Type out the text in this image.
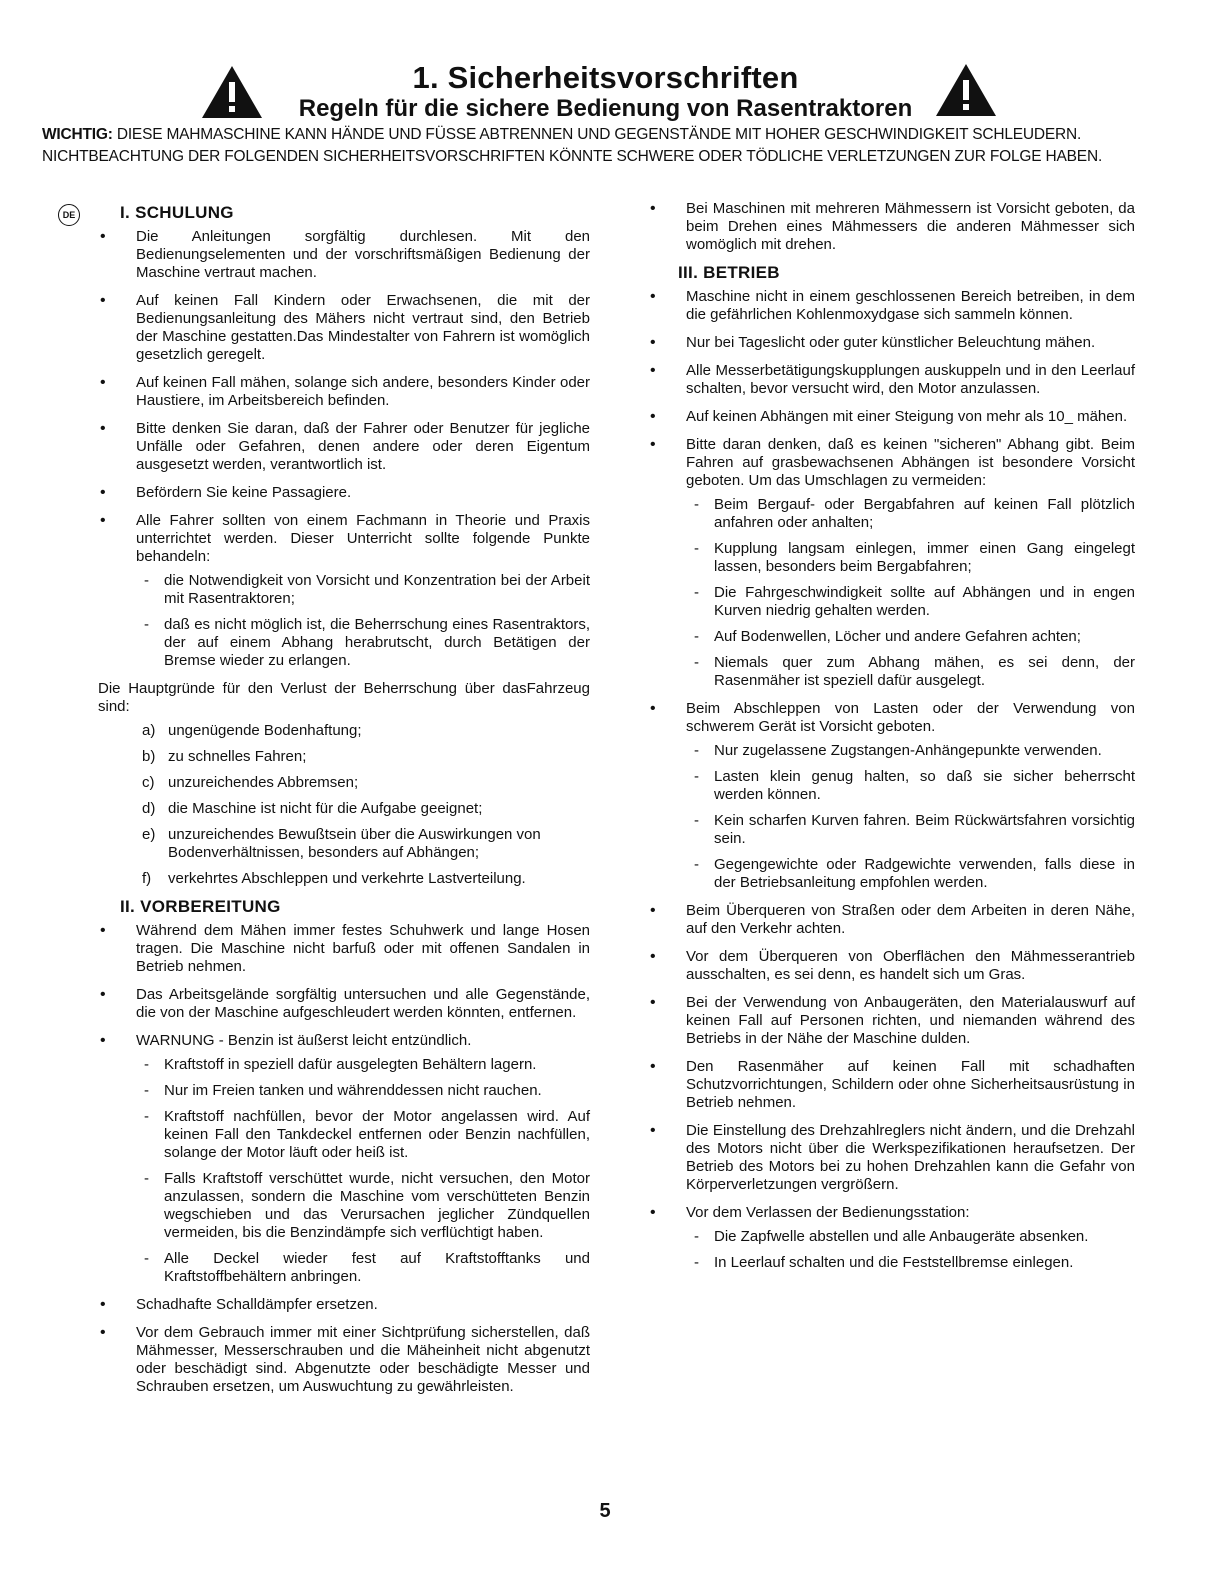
1. Sicherheitsvorschriften
Regeln für die sichere Bedienung von Rasentraktoren
WICHTIG: DIESE MAHMASCHINE KANN HÄNDE UND FÜSSE ABTRENNEN UND GEGENSTÄNDE MIT HOHER GESCHWINDIGKEIT SCHLEUDERN. NICHTBEACHTUNG DER FOLGENDEN SICHERHEITSVORSCHRIFTEN KÖNNTE SCHWERE ODER TÖDLICHE VERLETZUNGEN ZUR FOLGE HABEN.
DE	I. SCHULUNG
• Die Anleitungen sorgfältig durchlesen. Mit den Bedienungselementen und der vorschriftsmäßigen Bedienung der Maschine vertraut machen.
• Auf keinen Fall Kindern oder Erwachsenen, die mit der Bedienungsanleitung des Mähers nicht vertraut sind, den Betrieb der Maschine gestatten.Das Mindestalter von Fahrern ist womöglich gesetzlich geregelt.
• Auf keinen Fall mähen, solange sich andere, besonders Kinder oder Haustiere, im Arbeitsbereich befinden.
• Bitte denken Sie daran, daß der Fahrer oder Benutzer für jegliche Unfälle oder Gefahren, denen andere oder deren Eigentum ausgesetzt werden, verantwortlich ist.
• Befördern Sie keine Passagiere.
• Alle Fahrer sollten von einem Fachmann in Theorie und Praxis unterrichtet werden. Dieser Unterricht sollte folgende Punkte behandeln:
- die Notwendigkeit von Vorsicht und Konzentration bei der Arbeit mit Rasentraktoren;
- daß es nicht möglich ist, die Beherrschung eines Rasentraktors, der auf einem Abhang herabrutscht, durch Betätigen der Bremse wieder zu erlangen.

Die Hauptgründe für den Verlust der Beherrschung über dasFahrzeug sind:

a) ungenügende Bodenhaftung;
b) zu schnelles Fahren;
c) unzureichendes Abbremsen;
d) die Maschine ist nicht für die Aufgabe geeignet;
e) unzureichendes Bewußtsein über die Auswirkungen von Bodenverhältnissen, besonders auf Abhängen;
f) verkehrtes Abschleppen und verkehrte Lastverteilung.
II. VORBEREITUNG
• Während dem Mähen immer festes Schuhwerk und lange Hosen tragen. Die Maschine nicht barfuß oder mit offenen Sandalen in Betrieb nehmen.
• Das Arbeitsgelände sorgfältig untersuchen und alle Gegenstände, die von der Maschine aufgeschleudert werden könnten, entfernen.
• WARNUNG - Benzin ist äußerst leicht entzündlich.
- Kraftstoff in speziell dafür ausgelegten Behältern lagern.
- Nur im Freien tanken und währenddessen nicht rauchen.
- Kraftstoff nachfüllen, bevor der Motor angelassen wird. Auf keinen Fall den Tankdeckel entfernen oder Benzin nachfüllen, solange der Motor läuft oder heiß ist.
- Falls Kraftstoff verschüttet wurde, nicht versuchen, den Motor anzulassen, sondern die Maschine vom verschütteten Benzin wegschieben und das Verursachen jeglicher Zündquellen vermeiden, bis die Benzindämpfe sich verflüchtigt haben.
- Alle Deckel wieder fest auf Kraftstofftanks und Kraftstoffbehältern anbringen.
• Schadhafte Schalldämpfer ersetzen.
• Vor dem Gebrauch immer mit einer Sichtprüfung sicherstellen, daß Mähmesser, Messerschrauben und die Mäheinheit nicht abgenutzt oder beschädigt sind. Abgenutzte oder beschädigte Messer und Schrauben ersetzen, um Auswuchtung zu gewährleisten.
• Bei Maschinen mit mehreren Mähmessern ist Vorsicht geboten, da beim Drehen eines Mähmessers die anderen Mähmesser sich womöglich mit drehen.
III. BETRIEB
• Maschine nicht in einem geschlossenen Bereich betreiben, in dem die gefährlichen Kohlenmoxydgase sich sammeln können.
• Nur bei Tageslicht oder guter künstlicher Beleuchtung mähen.
• Alle Messerbetätigungskupplungen auskuppeln und in den Leerlauf schalten, bevor versucht wird, den Motor anzulassen.
• Auf keinen Abhängen mit einer Steigung von mehr als 10_ mähen.
• Bitte daran denken, daß es keinen "sicheren" Abhang gibt. Beim Fahren auf grasbewachsenen Abhängen ist besondere Vorsicht geboten. Um das Umschlagen zu vermeiden:
- Beim Bergauf- oder Bergabfahren auf keinen Fall plötzlich anfahren oder anhalten;
- Kupplung langsam einlegen, immer einen Gang eingelegt lassen, besonders beim Bergabfahren;
- Die Fahrgeschwindigkeit sollte auf Abhängen und in engen Kurven niedrig gehalten werden.
- Auf Bodenwellen, Löcher und andere Gefahren achten;
- Niemals quer zum Abhang mähen, es sei denn, der Rasenmäher ist speziell dafür ausgelegt.
• Beim Abschleppen von Lasten oder der Verwendung von schwerem Gerät ist Vorsicht geboten.
- Nur zugelassene Zugstangen-Anhängepunkte verwenden.
- Lasten klein genug halten, so daß sie sicher beherrscht werden können.
- Kein scharfen Kurven fahren. Beim Rückwärtsfahren vorsichtig sein.
- Gegengewichte oder Radgewichte verwenden, falls diese in der Betriebsanleitung empfohlen werden.
• Beim Überqueren von Straßen oder dem Arbeiten in deren Nähe, auf den Verkehr achten.
• Vor dem Überqueren von Oberflächen den Mähmesserantrieb ausschalten, es sei denn, es handelt sich um Gras.
• Bei der Verwendung von Anbaugeräten, den Materialauswurf auf keinen Fall auf Personen richten, und niemanden während des Betriebs in der Nähe der Maschine dulden.
• Den Rasenmäher auf keinen Fall mit schadhaften Schutzvorrichtungen, Schildern oder ohne Sicherheitsausrüstung in Betrieb nehmen.
• Die Einstellung des Drehzahlreglers nicht ändern, und die Drehzahl des Motors nicht über die Werkspezifikationen heraufsetzen. Der Betrieb des Motors bei zu hohen Drehzahlen kann die Gefahr von Körperverletzungen vergrößern.
• Vor dem Verlassen der Bedienungsstation:
- Die Zapfwelle abstellen und alle Anbaugeräte absenken.
- In Leerlauf schalten und die Feststellbremse einlegen.
5
